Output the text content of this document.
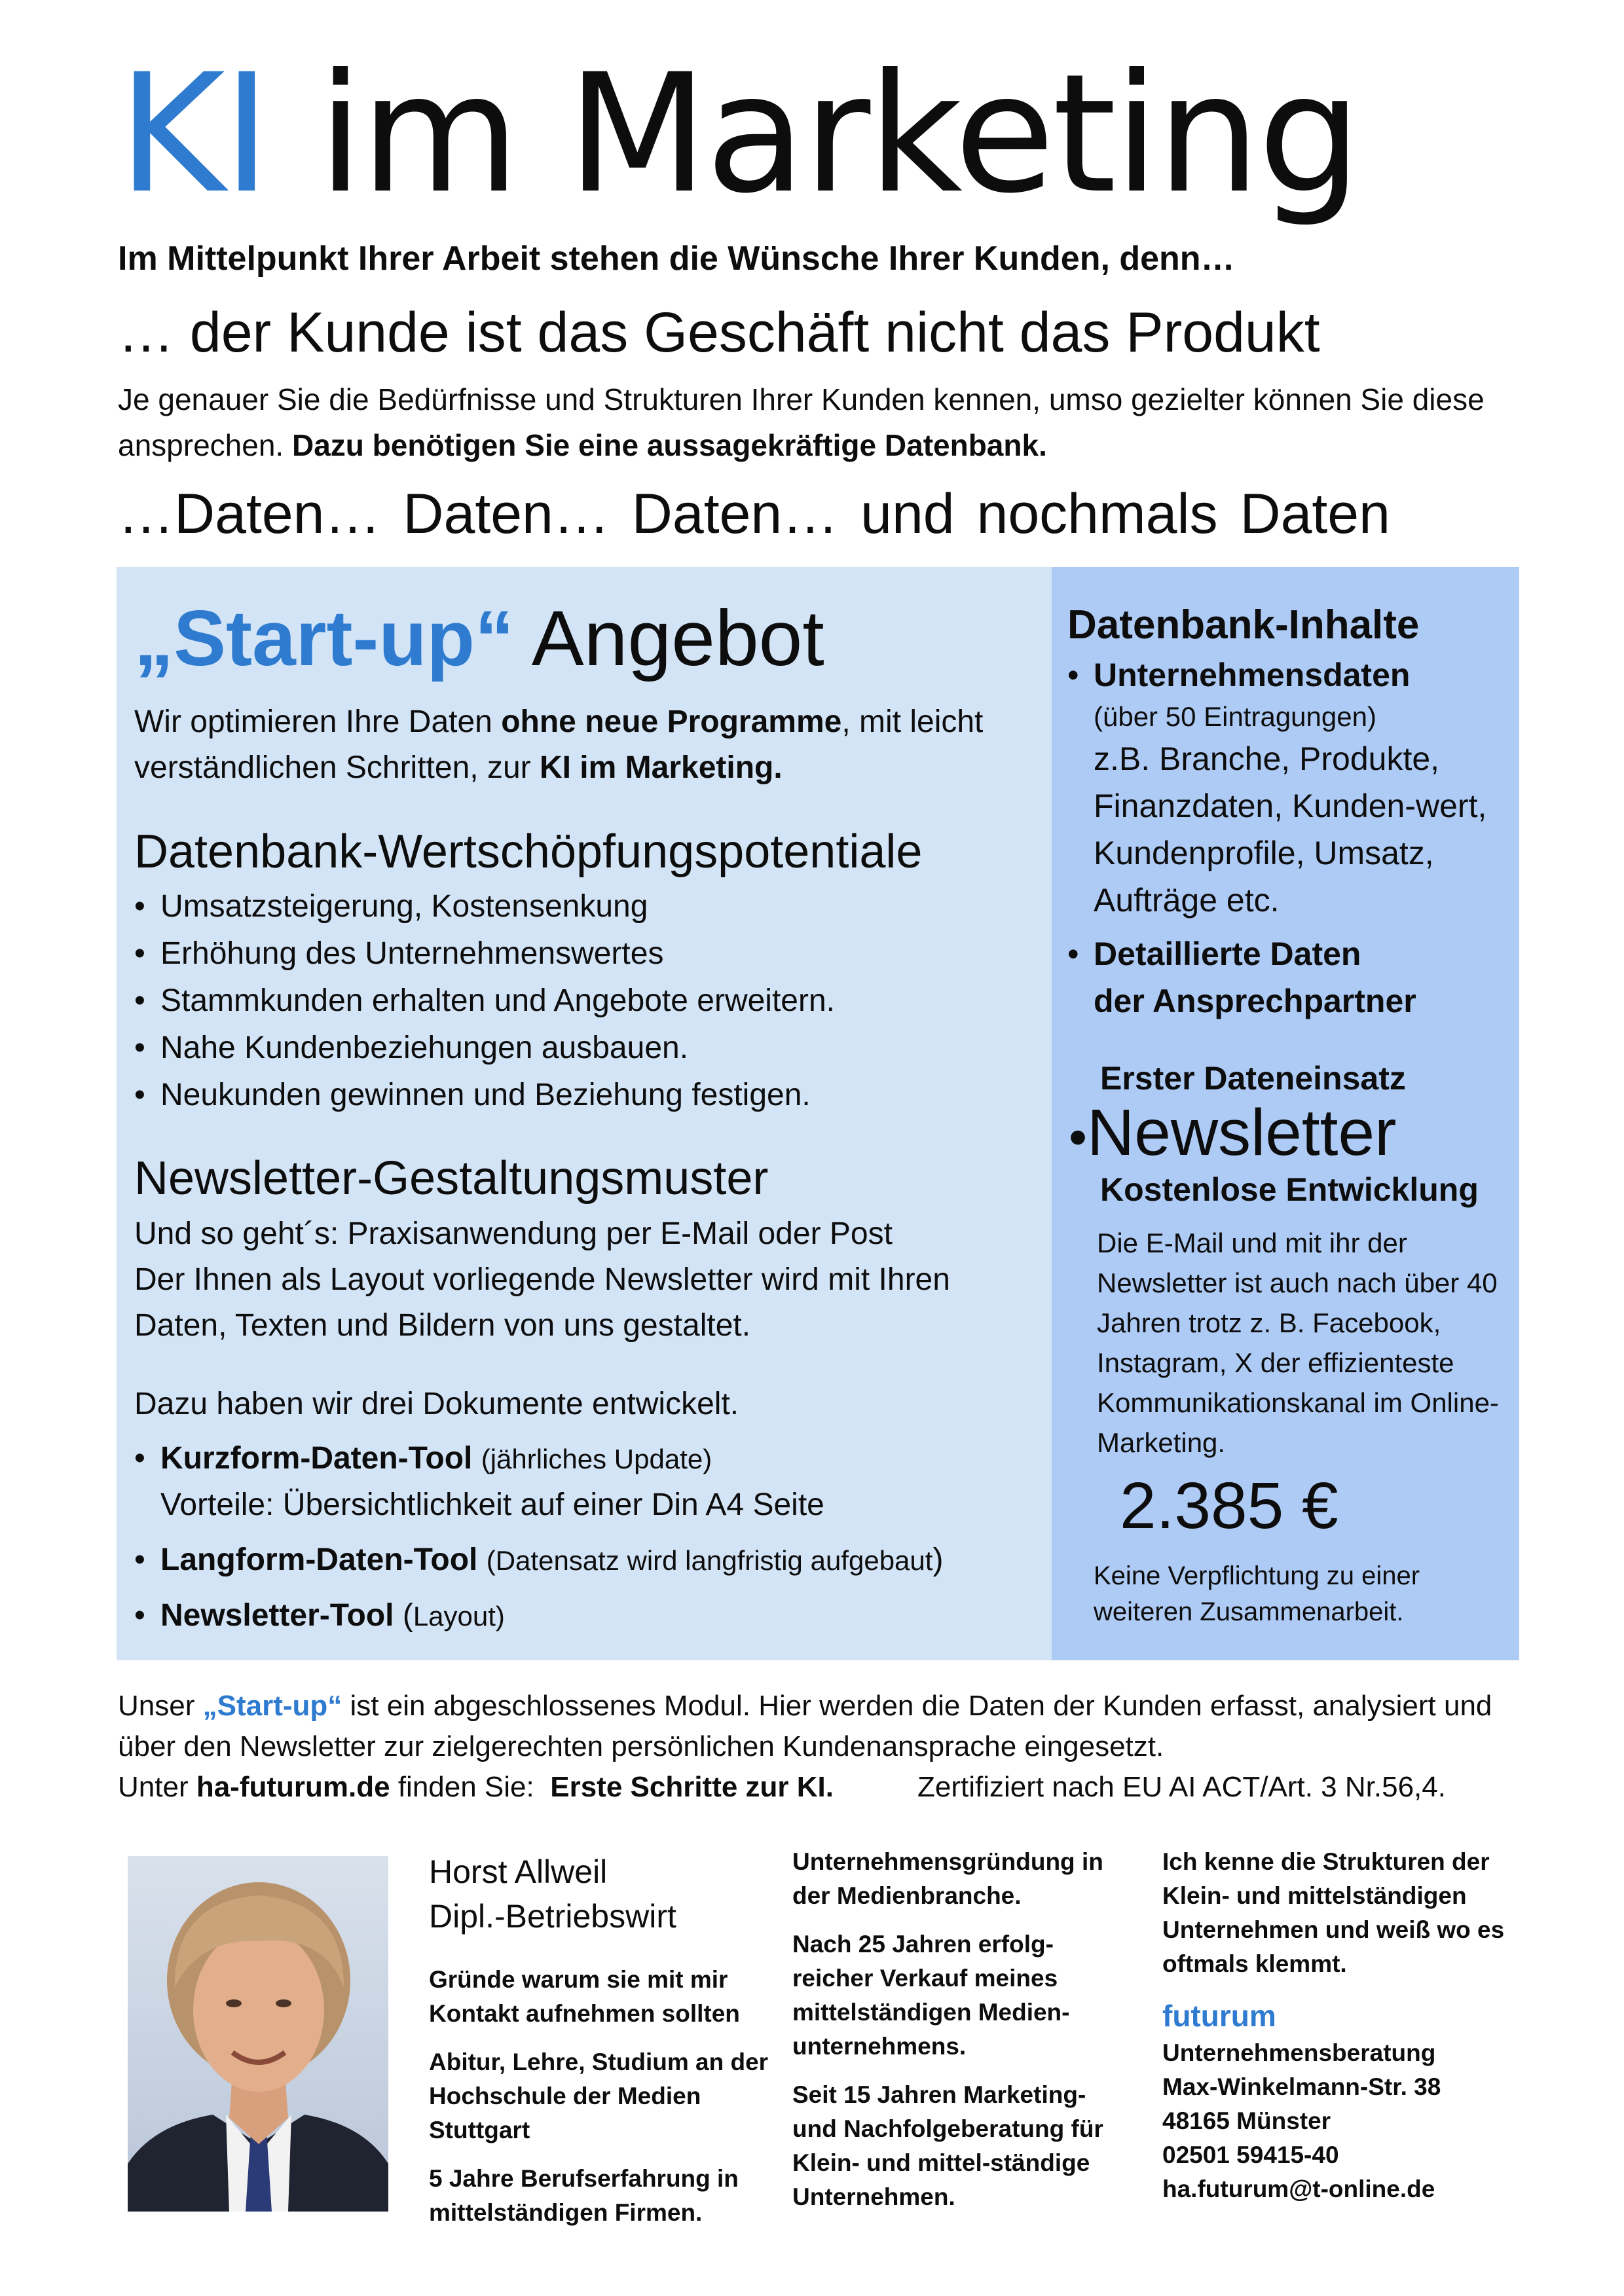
KI im Marketing
Im Mittelpunkt Ihrer Arbeit stehen die Wünsche Ihrer Kunden, denn…
… der Kunde ist das Geschäft nicht das Produkt
Je genauer Sie die Bedürfnisse und Strukturen Ihrer Kunden kennen, umso gezielter können Sie diese ansprechen. Dazu benötigen Sie eine aussagekräftige Datenbank.
…Daten… Daten… Daten… und nochmals Daten
„Start-up“ Angebot
Wir optimieren Ihre Daten ohne neue Programme, mit leicht verständlichen Schritten, zur KI im Marketing.
Datenbank-Wertschöpfungspotentiale
• Umsatzsteigerung, Kostensenkung
• Erhöhung des Unternehmenswertes
• Stammkunden erhalten und Angebote erweitern.
• Nahe Kundenbeziehungen ausbauen.
• Neukunden gewinnen und Beziehung festigen.
Newsletter-Gestaltungsmuster
Und so geht´s: Praxisanwendung per E-Mail oder Post
Der Ihnen als Layout vorliegende Newsletter wird mit Ihren Daten, Texten und Bildern von uns gestaltet.
Dazu haben wir drei Dokumente entwickelt.
• Kurzform-Daten-Tool (jährliches Update)
Vorteile: Übersichtlichkeit auf einer Din A4 Seite
• Langform-Daten-Tool (Datensatz wird langfristig aufgebaut)
• Newsletter-Tool (Layout)
Datenbank-Inhalte
• Unternehmensdaten
(über 50 Eintragungen)
z.B. Branche, Produkte, Finanzdaten, Kunden-wert, Kundenprofile, Umsatz, Aufträge etc.
• Detaillierte Daten
der Ansprechpartner
Erster Dateneinsatz
•Newsletter
Kostenlose Entwicklung
Die E-Mail und mit ihr der Newsletter ist auch nach über 40 Jahren trotz z. B. Facebook, Instagram, X der effizienteste Kommunikationskanal im Online-Marketing.
2.385 €
Keine Verpflichtung zu einer weiteren Zusammenarbeit.
Unser „Start-up“ ist ein abgeschlossenes Modul. Hier werden die Daten der Kunden erfasst, analysiert und über den Newsletter zur zielgerechten persönlichen Kundenansprache eingesetzt.
Unter ha-futurum.de finden Sie: Erste Schritte zur KI.	Zertifiziert nach EU AI ACT/Art. 3 Nr.56,4.
Horst Allweil
Dipl.-Betriebswirt

Gründe warum sie mit mir Kontakt aufnehmen sollten

Abitur, Lehre, Studium an der Hochschule der Medien Stuttgart

5 Jahre Berufserfahrung in mittelständigen Firmen.

Unternehmensgründung in der Medienbranche.

Nach 25 Jahren erfolg-reicher Verkauf meines mittelständigen Medien-unternehmens.

Seit 15 Jahren Marketing- und Nachfolgeberatung für Klein- und mittel-ständige Unternehmen.

Ich kenne die Strukturen der Klein- und mittelständigen Unternehmen und weiß wo es oftmals klemmt.

futurum

Unternehmensberatung
Max-Winkelmann-Str. 38
48165 Münster
02501 59415-40
ha.futurum@t-online.de
